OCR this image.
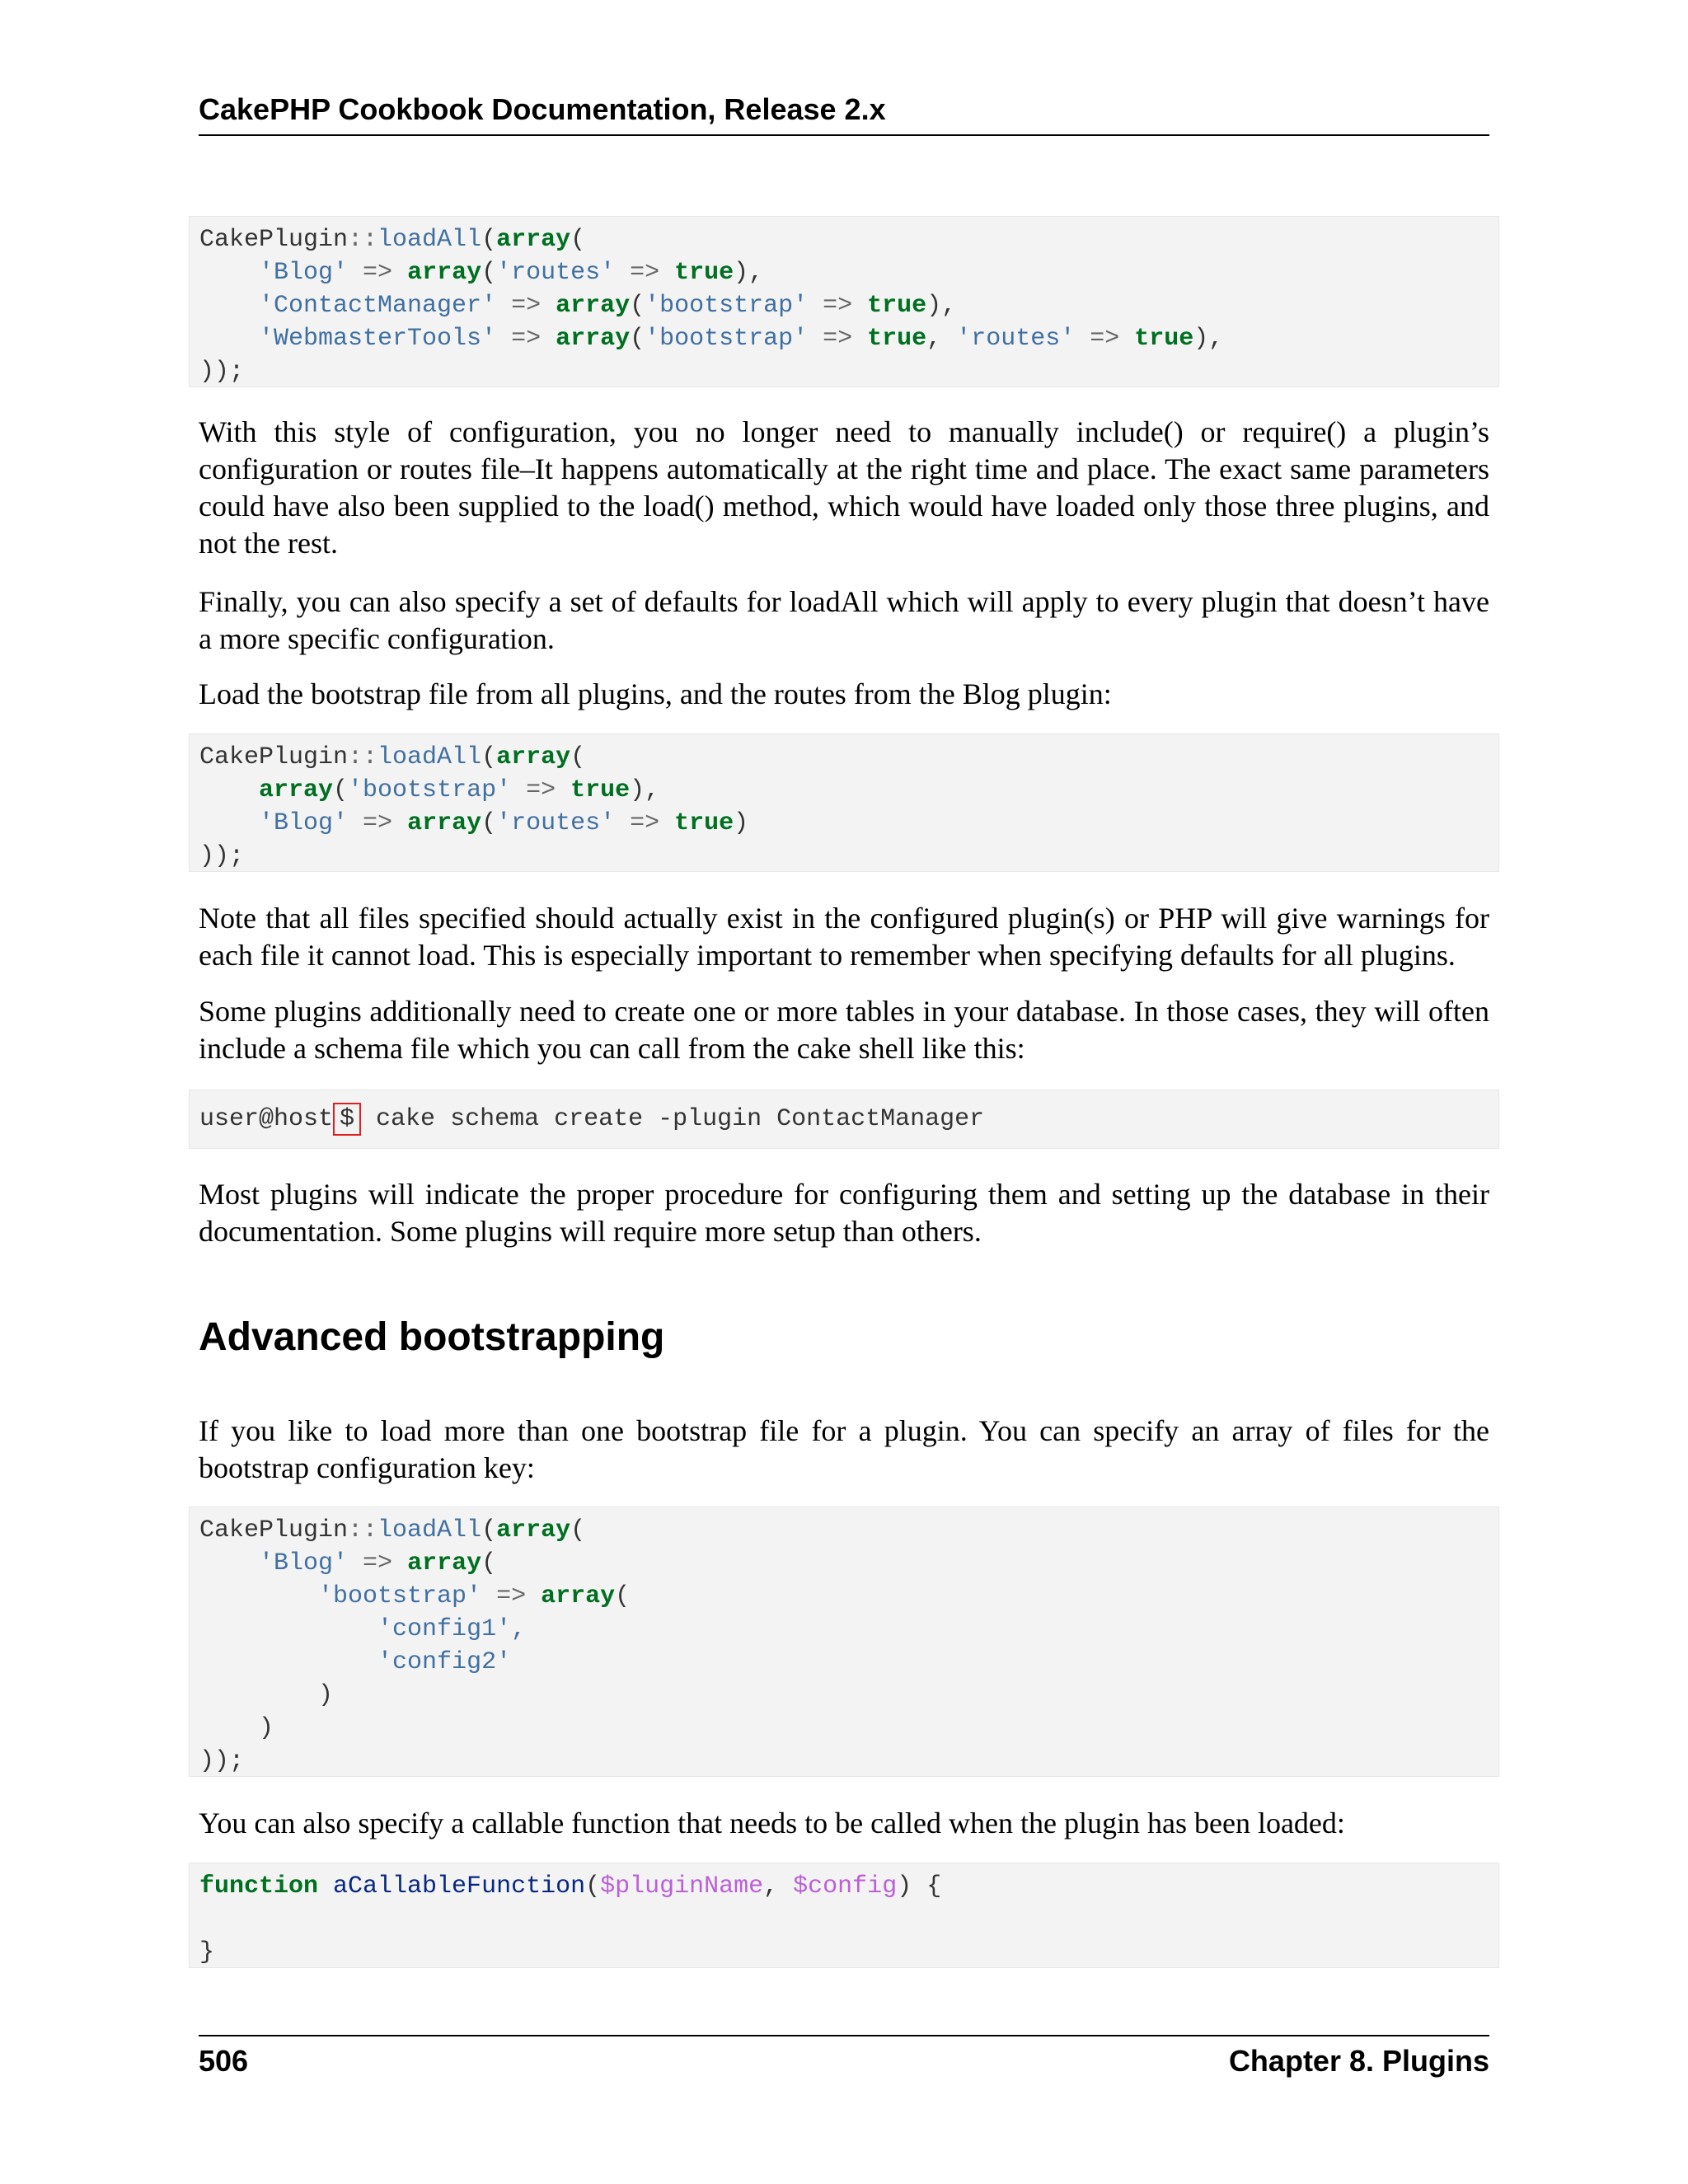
CakePHP Cookbook Documentation, Release 2.x
CakePlugin::loadAll(array(
'Blog' => array('routes' => true),
'ContactManager' => array('bootstrap' => true),
'WebmasterTools' => array('bootstrap' => true, 'routes' => true),
));
With this style of configuration, you no longer need to manually include() or require() a plugin’s configuration or routes file–It happens automatically at the right time and place. The exact same parameters could have also been supplied to the load() method, which would have loaded only those three plugins, and not the rest.
Finally, you can also specify a set of defaults for loadAll which will apply to every plugin that doesn’t have a more specific configuration.
Load the bootstrap file from all plugins, and the routes from the Blog plugin:
CakePlugin::loadAll(array(
array('bootstrap' => true),
'Blog' => array('routes' => true)
));
Note that all files specified should actually exist in the configured plugin(s) or PHP will give warnings for each file it cannot load. This is especially important to remember when specifying defaults for all plugins.
Some plugins additionally need to create one or more tables in your database. In those cases, they will often include a schema file which you can call from the cake shell like this:
user@host $ cake schema create -plugin ContactManager
Most plugins will indicate the proper procedure for configuring them and setting up the database in their documentation. Some plugins will require more setup than others.
Advanced bootstrapping
If you like to load more than one bootstrap file for a plugin. You can specify an array of files for the bootstrap configuration key:
CakePlugin::loadAll(array(
'Blog' => array(
'bootstrap' => array(
'config1',
'config2'
)
)
));
You can also specify a callable function that needs to be called when the plugin has been loaded:
function aCallableFunction($pluginName, $config) {

}
506	Chapter 8. Plugins
